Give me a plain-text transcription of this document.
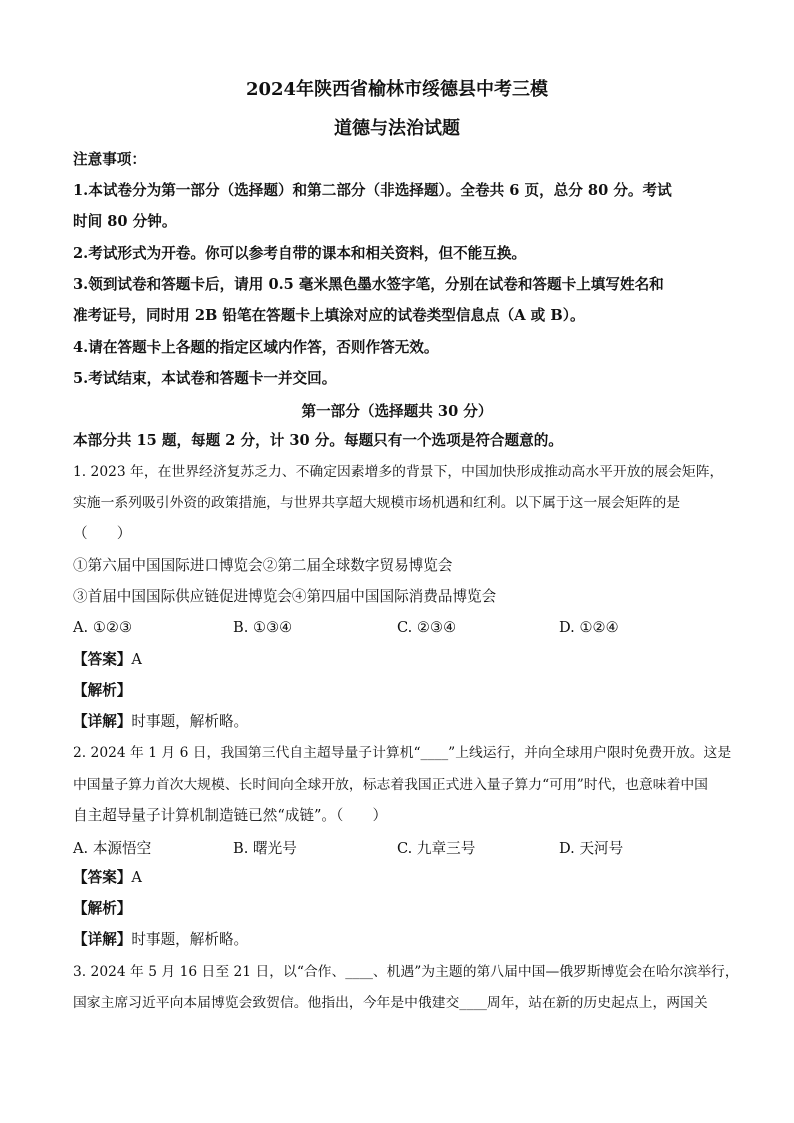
2024年陕西省榆林市绥德县中考三模
道德与法治试题
注意事项：
1.本试卷分为第一部分（选择题）和第二部分（非选择题）。全卷共 6 页，总分 80 分。考试
时间 80 分钟。
2.考试形式为开卷。你可以参考自带的课本和相关资料，但不能互换。
3.领到试卷和答题卡后，请用 0.5 毫米黑色墨水签字笔，分别在试卷和答题卡上填写姓名和
准考证号，同时用 2B 铅笔在答题卡上填涂对应的试卷类型信息点（A 或 B）。
4.请在答题卡上各题的指定区域内作答，否则作答无效。
5.考试结束，本试卷和答题卡一并交回。
第一部分（选择题共 30 分）
本部分共 15 题，每题 2 分，计 30 分。每题只有一个选项是符合题意的。
1. 2023 年，在世界经济复苏乏力、不确定因素增多的背景下，中国加快形成推动高水平开放的展会矩阵，
实施一系列吸引外资的政策措施，与世界共享超大规模市场机遇和红利。以下属于这一展会矩阵的是
（　　）
①第六届中国国际进口博览会②第二届全球数字贸易博览会
③首届中国国际供应链促进博览会④第四届中国国际消费品博览会
A. ①②③	B. ①③④	C. ②③④	D. ①②④
【答案】A
【解析】
【详解】时事题，解析略。
2. 2024 年 1 月 6 日，我国第三代自主超导量子计算机“____”上线运行，并向全球用户限时免费开放。这是
中国量子算力首次大规模、长时间向全球开放，标志着我国正式进入量子算力“可用”时代，也意味着中国
自主超导量子计算机制造链已然“成链”。（　　）
A. 本源悟空	B. 曙光号	C. 九章三号	D. 天河号
【答案】A
【解析】
【详解】时事题，解析略。
3. 2024 年 5 月 16 日至 21 日，以“合作、____、机遇”为主题的第八届中国—俄罗斯博览会在哈尔滨举行，
国家主席习近平向本届博览会致贺信。他指出，今年是中俄建交____周年，站在新的历史起点上，两国关
